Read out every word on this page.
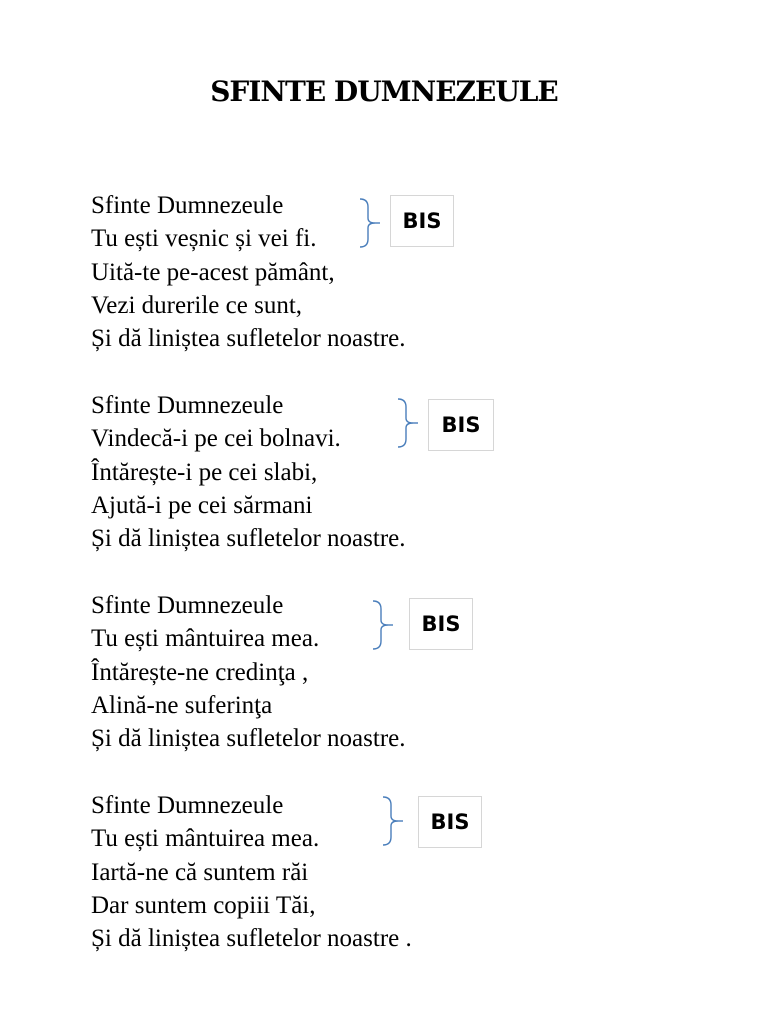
SFINTE DUMNEZEULE
Sfinte Dumnezeule
Tu ești veșnic și vei fi.
Uită-te pe-acest pământ,
Vezi durerile ce sunt,
Și dă liniștea sufletelor noastre.
BIS
Sfinte Dumnezeule
Vindecă-i pe cei bolnavi.
Întărește-i pe cei slabi,
Ajută-i pe cei sărmani
Și dă liniștea sufletelor noastre.
BIS
Sfinte Dumnezeule
Tu ești mântuirea mea.
Întărește-ne credinţa ,
Alină-ne suferinţa
Și dă liniștea sufletelor noastre.
BIS
Sfinte Dumnezeule
Tu ești mântuirea mea.
Iartă-ne că suntem răi
Dar suntem copiii Tăi,
Și dă liniștea sufletelor noastre .
BIS
